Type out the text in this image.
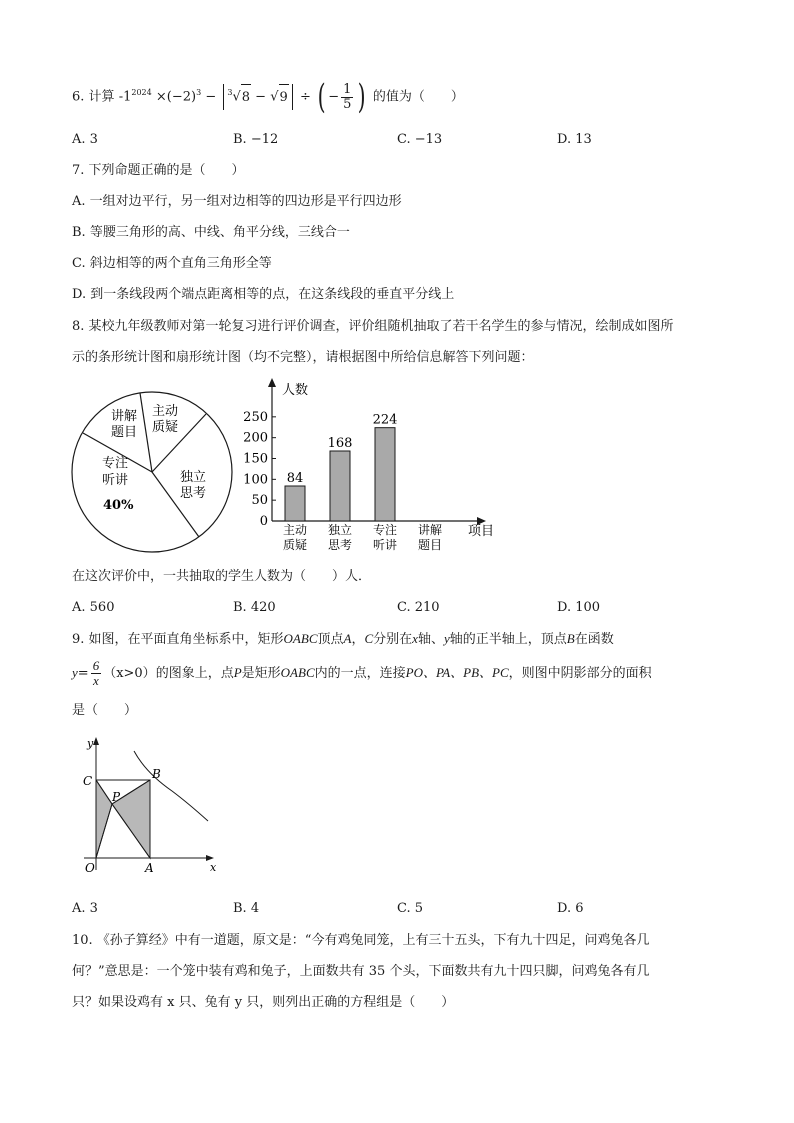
6. 计算 $-1^{2024} \times(-2)^3 - ^3√8 - √9$ ÷ ( − $\frac{1}{5}$ ) 的值为（　　）
A. 3	B. −12	C. −13	D. 13
7. 下列命题正确的是（　　）
A. 一组对边平行，另一组对边相等的四边形是平行四边形
B. 等腰三角形的高、中线、角平分线，三线合一
C. 斜边相等的两个直角三角形全等
D. 到一条线段两个端点距离相等的点，在这条线段的垂直平分线上
8. 某校九年级教师对第一轮复习进行评价调查，评价组随机抽取了若干名学生的参与情况，绘制成如图所
示的条形统计图和扇形统计图（均不完整），请根据图中所给信息解答下列问题：
主动
质疑
独立
思考
专注
听讲
40%
讲解
题目
人数
项目
0
50
100
150
200
250
84
主动
质疑
168
独立
思考
224
专注
听讲
讲解
题目
在这次评价中，一共抽取的学生人数为（　　）人．
A. 560	B. 420	C. 210	D. 100
9. 如图，在平面直角坐标系中，矩形OABC顶点A，C分别在x轴、y轴的正半轴上，顶点B在函数
$y= \frac{6}{x} (x>0)$的图象上，点P是矩形OABC内的一点，连接PO、PA、PB、PC，则图中阴影部分的面积
是（　　）
y
x
C	B
P
O	A
A. 3	B. 4	C. 5	D. 6
10. 《孙子算经》中有一道题，原文是：“今有鸡兔同笼，上有三十五头，下有九十四足，问鸡兔各几
何？”意思是：一个笼中装有鸡和兔子，上面数共有 35 个头，下面数共有九十四只脚，问鸡兔各有几
只？如果设鸡有 x 只、兔有 y 只，则列出正确的方程组是（　　）
